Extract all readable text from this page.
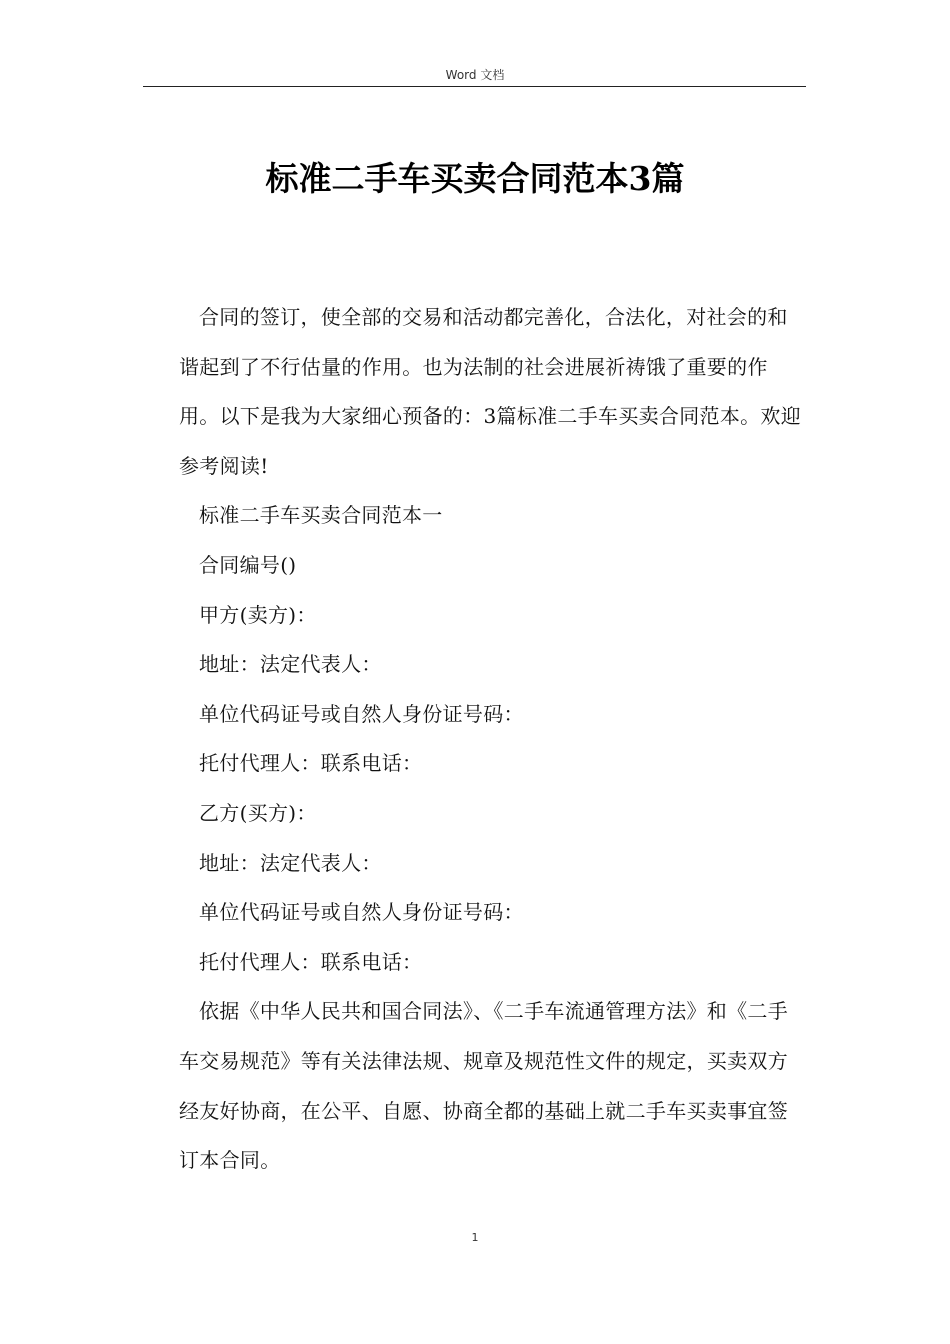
Word 文档
标准二手车买卖合同范本3篇

合同的签订，使全部的交易和活动都完善化，合法化，对社会的和谐起到了不行估量的作用。也为法制的社会进展祈祷饿了重要的作用。以下是我为大家细心预备的：3篇标准二手车买卖合同范本。欢迎参考阅读!

标准二手车买卖合同范本一

合同编号()

甲方(卖方)：

地址：法定代表人：

单位代码证号或自然人身份证号码：

托付代理人：联系电话：

乙方(买方)：

地址：法定代表人：

单位代码证号或自然人身份证号码：

托付代理人：联系电话：

依据《中华人民共和国合同法》、《二手车流通管理方法》和《二手车交易规范》等有关法律法规、规章及规范性文件的规定，买卖双方经友好协商，在公平、自愿、协商全都的基础上就二手车买卖事宜签订本合同。

1
